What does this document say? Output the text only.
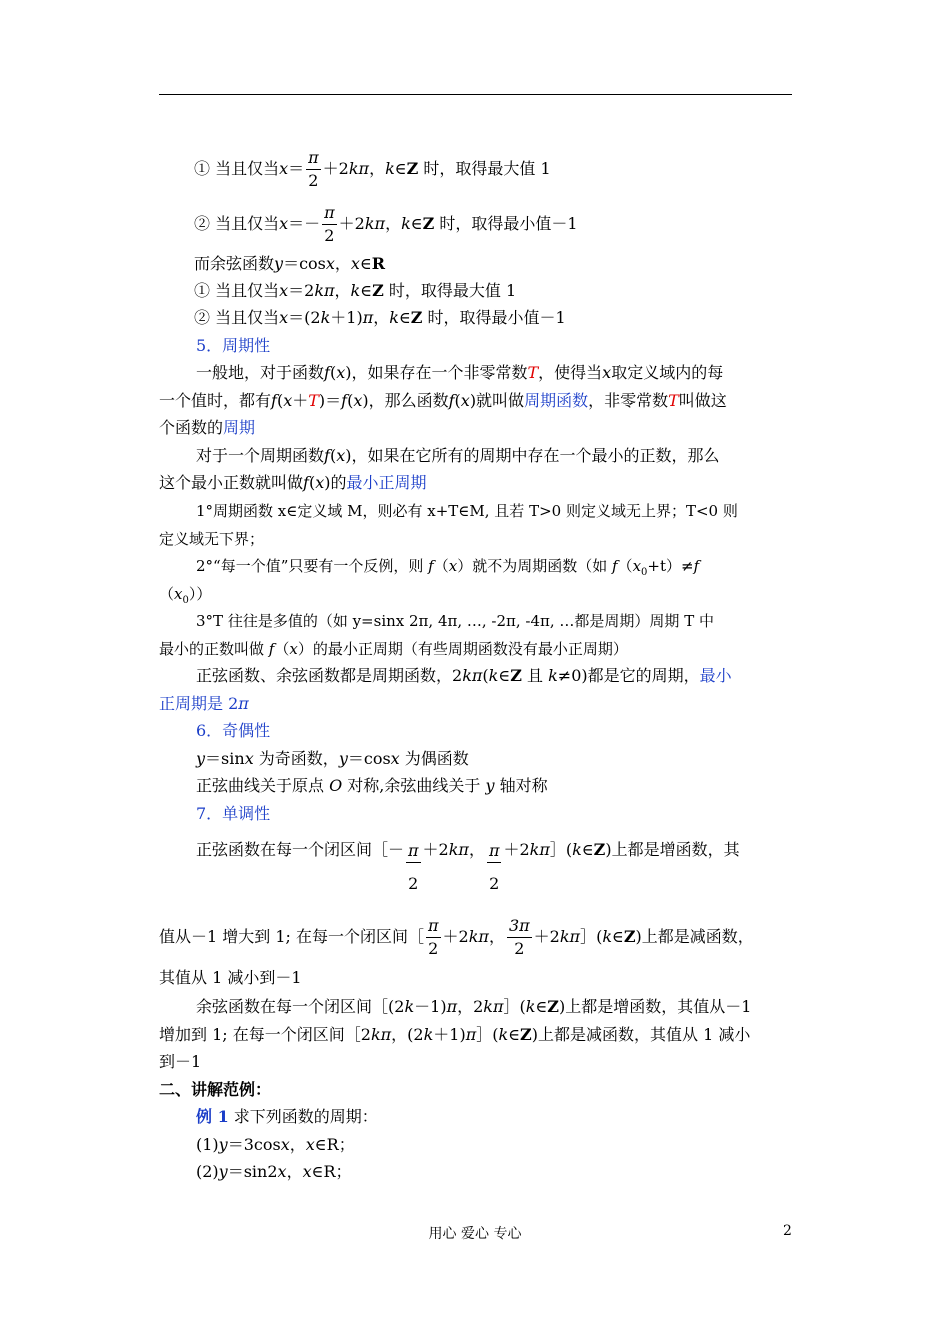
① 当且仅当$x= \frac{\pi}{2} +2k\pi$，k∈Z 时，取得最大值 1
② 当且仅当$x=- \frac{\pi}{2} +2k\pi$，k∈Z 时，取得最小值－1
而余弦函数y＝cosx，x∈R
① 当且仅当x＝2kπ，k∈Z 时，取得最大值 1
② 当且仅当x＝(2k＋1)π，k∈Z 时，取得最小值－1
5．周期性
一般地，对于函数f(x)，如果存在一个非零常数T，使得当x取定义域内的每
一个值时，都有f(x＋T)＝f(x)，那么函数f(x)就叫做周期函数，非零常数T叫做这
个函数的周期
对于一个周期函数f(x)，如果在它所有的周期中存在一个最小的正数，那么
这个最小正数就叫做f(x)的最小正周期
1°周期函数 x∈定义域 M，则必有 x+T∈M, 且若 T>0 则定义域无上界；T<0 则
定义域无下界；
2°“每一个值”只要有一个反例，则 f（x）就不为周期函数（如 $f(x_0+t)\ne f$
$(x_0)$）
3°T 往往是多值的（如 y=sinx 2π, 4π, …, -2π, -4π, …都是周期）周期 T 中
最小的正数叫做 f（x）的最小正周期（有些周期函数没有最小正周期）
正弦函数、余弦函数都是周期函数，2kπ(k∈Z 且 k≠0)都是它的周期，最小
正周期是 2π
6．奇偶性
y＝sinx 为奇函数，y＝cosx 为偶函数
正弦曲线关于原点 O 对称,余弦曲线关于 y 轴对称
7．单调性
正弦函数在每一个闭区间［－ $\frac{\pi}{2} +2k\pi$， $\frac{\pi}{2}$ ＋2kπ］(k∈Z)上都是增函数，其
值从－1 增大到 1; 在每一个闭区间［ $\frac{\pi}{2} +2k\pi$， $\frac{3\pi}{2}$ ＋2kπ］(k∈Z)上都是减函数，
其值从 1 减小到－1
余弦函数在每一个闭区间［(2k－1)π，2kπ］(k∈Z)上都是增函数，其值从－1
增加到 1; 在每一个闭区间［2kπ，(2k＋1)π］(k∈Z)上都是减函数，其值从 1 减小
到－1
二、讲解范例：
例 1 求下列函数的周期：
(1)y＝3cosx，x∈R；
(2)y＝sin2x，x∈R；
用心 爱心 专心	2
